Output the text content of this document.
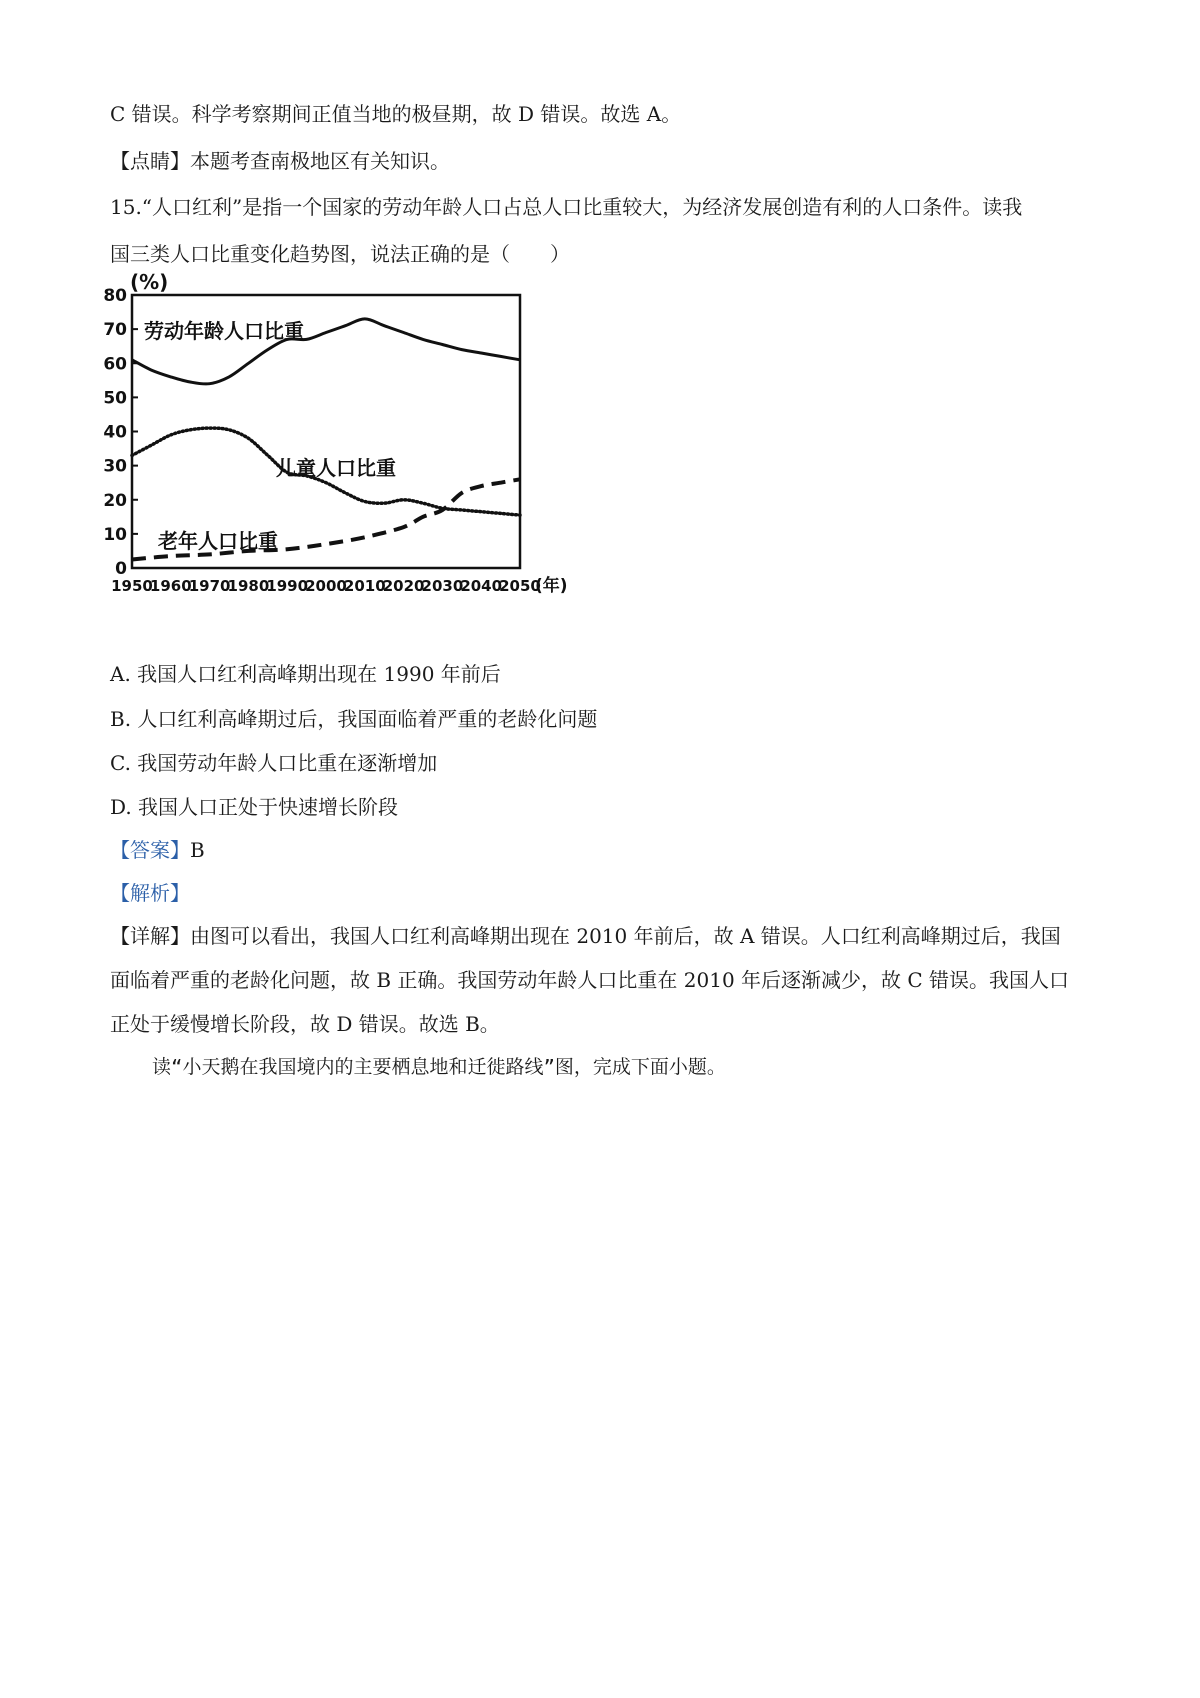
C 错误。科学考察期间正值当地的极昼期，故 D 错误。故选 A。
【点睛】本题考查南极地区有关知识。
15.“人口红利”是指一个国家的劳动年龄人口占总人口比重较大，为经济发展创造有利的人口条件。读我
国三类人口比重变化趋势图，说法正确的是（　　）
(%)
0
10
20
30
40
50
60
70
80
1950
1960
1970
1980
1990
2000
2010
2020
2030
2040
2050
(年)
劳动年龄人口比重
儿童人口比重
老年人口比重
A. 我国人口红利高峰期出现在 1990 年前后
B. 人口红利高峰期过后，我国面临着严重的老龄化问题
C. 我国劳动年龄人口比重在逐渐增加
D. 我国人口正处于快速增长阶段
【答案】B
【解析】
【详解】由图可以看出，我国人口红利高峰期出现在 2010 年前后，故 A 错误。人口红利高峰期过后，我国
面临着严重的老龄化问题，故 B 正确。我国劳动年龄人口比重在 2010 年后逐渐减少，故 C 错误。我国人口
正处于缓慢增长阶段，故 D 错误。故选 B。
读“小天鹅在我国境内的主要栖息地和迁徙路线”图，完成下面小题。
